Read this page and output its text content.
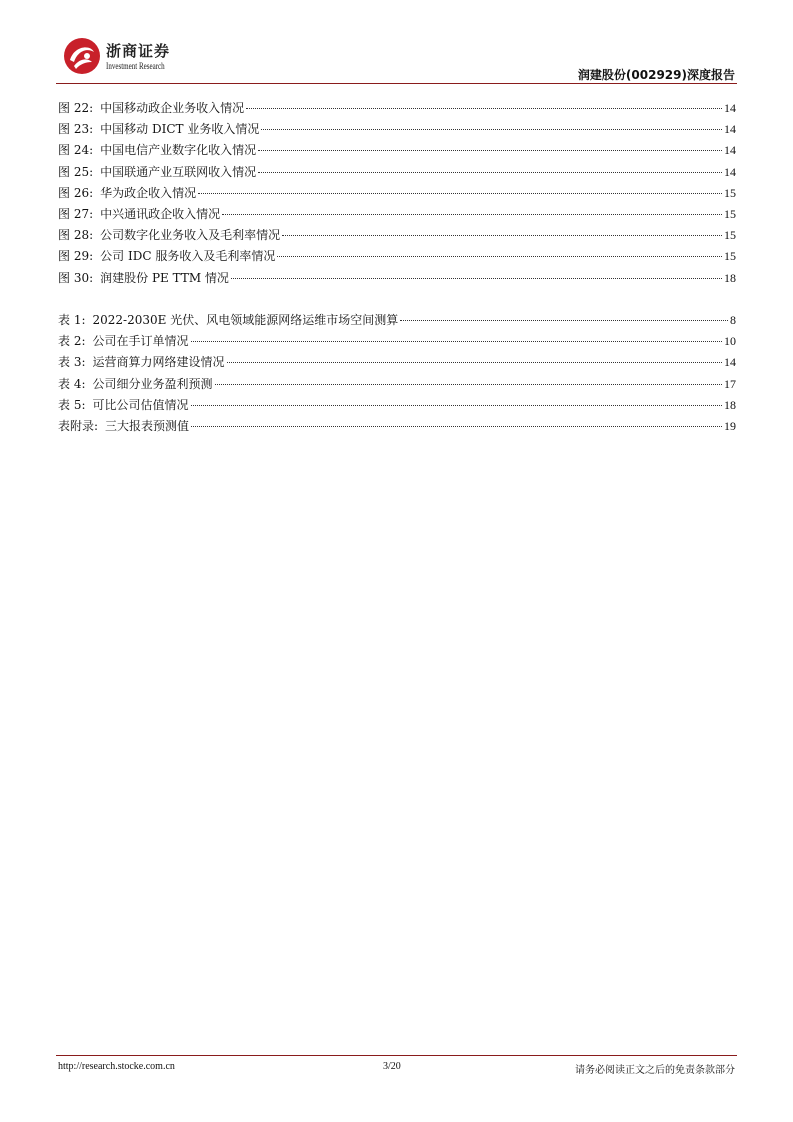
浙商证券
Investment Research
润建股份(002929)深度报告
图 22: 中国移动政企业务收入情况	14
图 23: 中国移动 DICT 业务收入情况	14
图 24: 中国电信产业数字化收入情况	14
图 25: 中国联通产业互联网收入情况	14
图 26: 华为政企收入情况	15
图 27: 中兴通讯政企收入情况	15
图 28: 公司数字化业务收入及毛利率情况	15
图 29: 公司 IDC 服务收入及毛利率情况	15
图 30: 润建股份 PE TTM 情况	18
表 1: 2022-2030E 光伏、风电领域能源网络运维市场空间测算	8
表 2: 公司在手订单情况	10
表 3: 运营商算力网络建设情况	14
表 4: 公司细分业务盈利预测	17
表 5: 可比公司估值情况	18
表附录: 三大报表预测值	19
http://research.stocke.com.cn	3/20	请务必阅读正文之后的免责条款部分
